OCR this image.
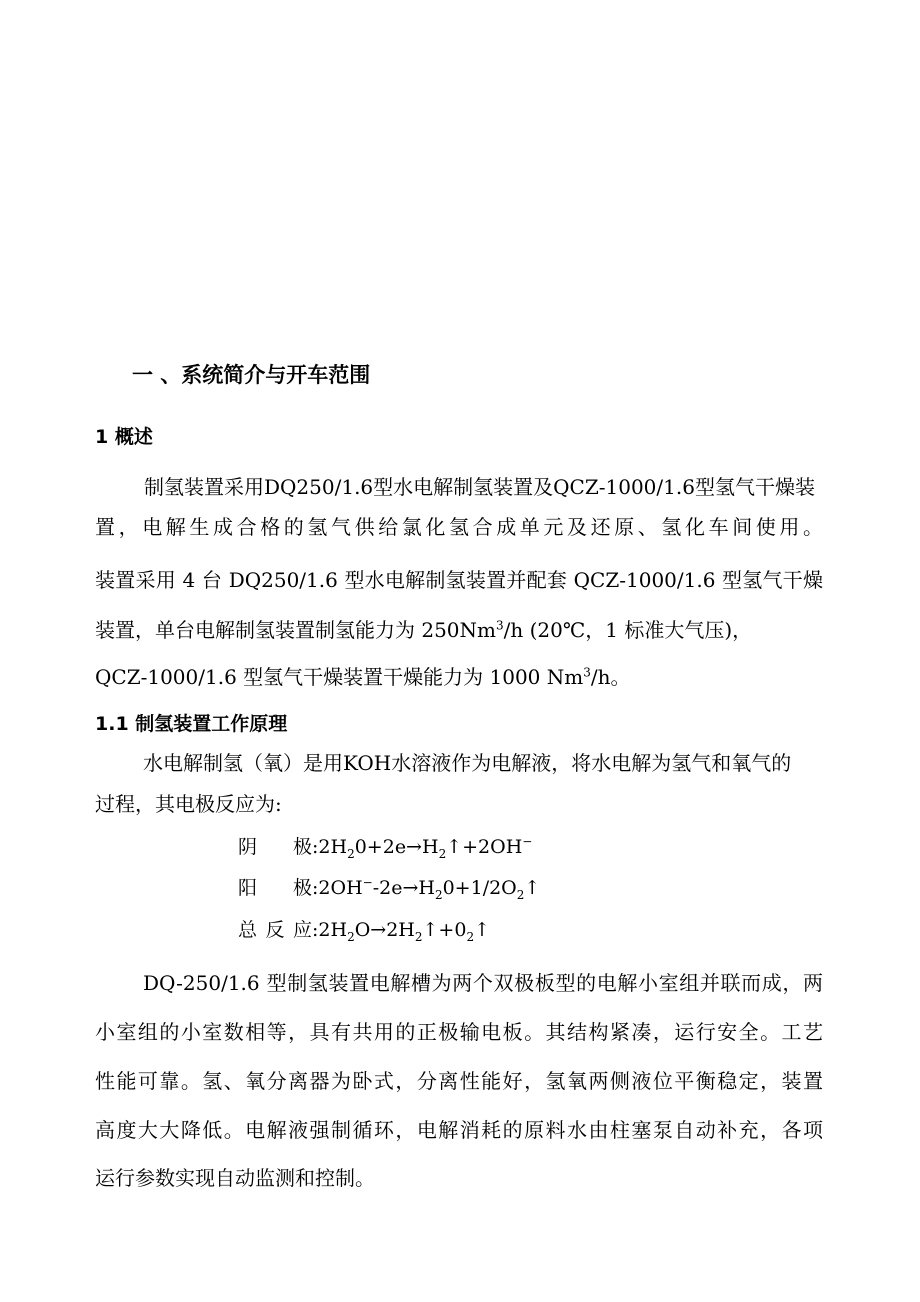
一 、系统简介与开车范围
1 概述
制氢装置采用DQ250/1.6型水电解制氢装置及QCZ-1000/1.6型氢气干燥装
置，电解生成合格的氢气供给氯化氢合成单元及还原、氢化车间使用。
装置采用 4 台 DQ250/1.6 型水电解制氢装置并配套 QCZ-1000/1.6 型氢气干燥
装置，单台电解制氢装置制氢能力为 250Nm$^3$/h (20℃，1 标准大气压)，
QCZ-1000/1.6 型氢气干燥装置干燥能力为 1000 Nm$^3$/h。
1.1 制氢装置工作原理
水电解制氢（氧）是用KOH水溶液作为电解液，将水电解为氢气和氧气的
过程，其电极反应为:
阴 极$:2H_20+2e\to H_2↑+2OH^-$
阳 极$:2OH^--2e\to H_20+1/2O_2↑$
总反应$:2H_2O\to 2H_2↑+0_2↑$
DQ-250/1.6 型制氢装置电解槽为两个双极板型的电解小室组并联而成，两
小室组的小室数相等，具有共用的正极输电板。其结构紧凑，运行安全。工艺
性能可靠。氢、氧分离器为卧式，分离性能好，氢氧两侧液位平衡稳定，装置
高度大大降低。电解液强制循环，电解消耗的原料水由柱塞泵自动补充，各项
运行参数实现自动监测和控制。
